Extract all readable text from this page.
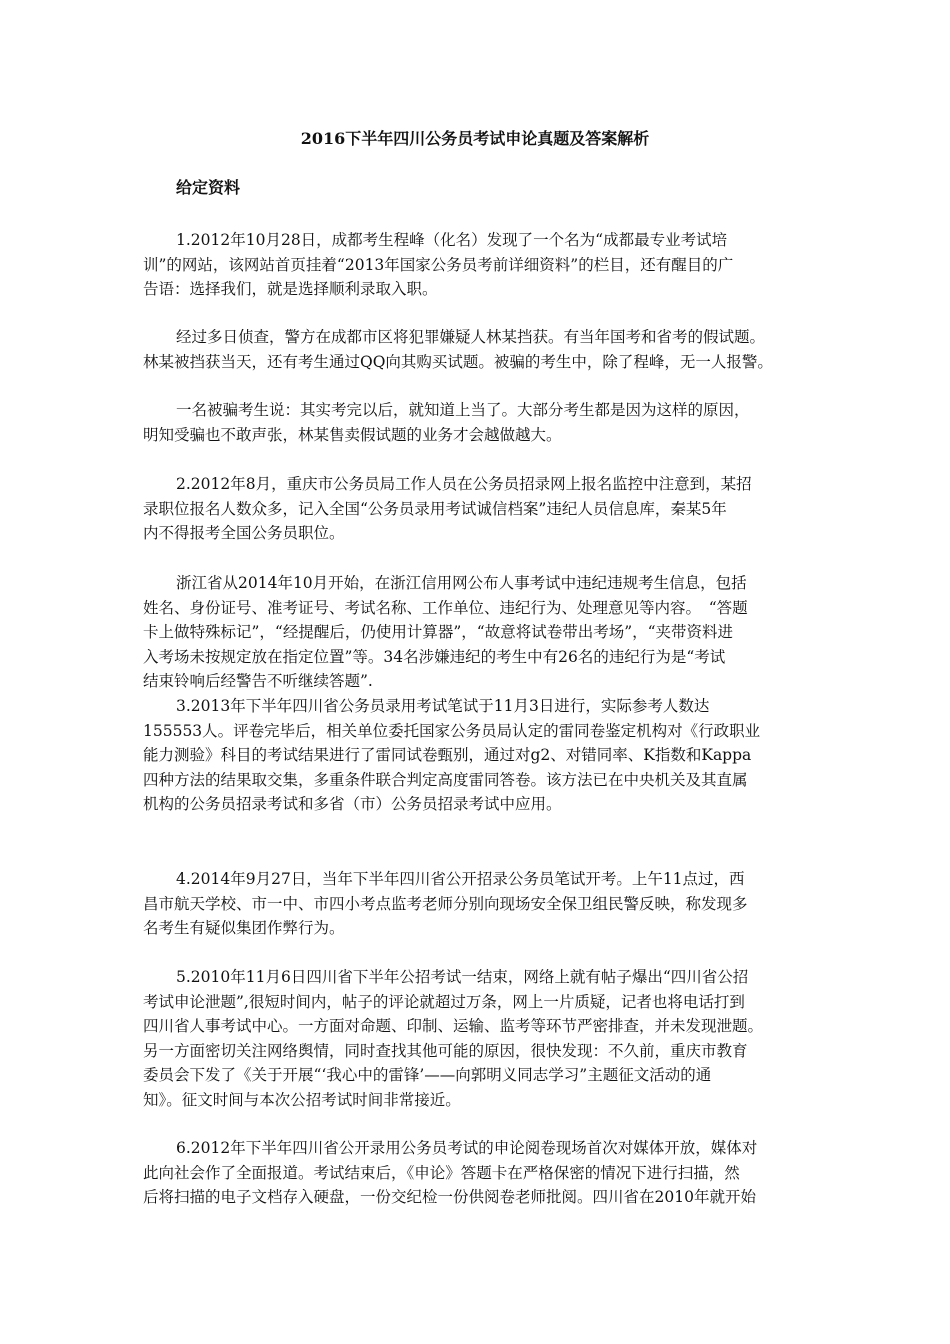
2016下半年四川公务员考试申论真题及答案解析
给定资料
1.2012年10月28日，成都考生程峰（化名）发现了一个名为“成都最专业考试培
训”的网站，该网站首页挂着“2013年国家公务员考前详细资料”的栏目，还有醒目的广
告语：选择我们，就是选择顺利录取入职。
经过多日侦查，警方在成都市区将犯罪嫌疑人林某挡获。有当年国考和省考的假试题。
林某被挡获当天，还有考生通过QQ向其购买试题。被骗的考生中，除了程峰，无一人报警。
一名被骗考生说：其实考完以后，就知道上当了。大部分考生都是因为这样的原因，
明知受骗也不敢声张，林某售卖假试题的业务才会越做越大。
2.2012年8月，重庆市公务员局工作人员在公务员招录网上报名监控中注意到，某招
录职位报名人数众多，记入全国“公务员录用考试诚信档案”违纪人员信息库，秦某5年
内不得报考全国公务员职位。
浙江省从2014年10月开始，在浙江信用网公布人事考试中违纪违规考生信息，包括
姓名、身份证号、准考证号、考试名称、工作单位、违纪行为、处理意见等内容。　“答题
卡上做特殊标记”，“经提醒后，仍使用计算器”，“故意将试卷带出考场”，“夹带资料进
入考场未按规定放在指定位置”等。34名涉嫌违纪的考生中有26名的违纪行为是“考试
结束铃响后经警告不听继续答题”.
3.2013年下半年四川省公务员录用考试笔试于11月3日进行，实际参考人数达
155553人。评卷完毕后，相关单位委托国家公务员局认定的雷同卷鉴定机构对《行政职业
能力测验》科目的考试结果进行了雷同试卷甄别，通过对g2、对错同率、K指数和Kappa
四种方法的结果取交集，多重条件联合判定高度雷同答卷。该方法已在中央机关及其直属
机构的公务员招录考试和多省（市）公务员招录考试中应用。
4.2014年9月27日，当年下半年四川省公开招录公务员笔试开考。上午11点过，西
昌市航天学校、市一中、市四小考点监考老师分别向现场安全保卫组民警反映，称发现多
名考生有疑似集团作弊行为。
5.2010年11月6日四川省下半年公招考试一结束，网络上就有帖子爆出“四川省公招
考试申论泄题”,很短时间内，帖子的评论就超过万条，网上一片质疑，记者也将电话打到
四川省人事考试中心。一方面对命题、印制、运输、监考等环节严密排查，并未发现泄题。
另一方面密切关注网络舆情，同时查找其他可能的原因，很快发现：不久前，重庆市教育
委员会下发了《关于开展“‘我心中的雷锋’——向郭明义同志学习”主题征文活动的通
知》。征文时间与本次公招考试时间非常接近。
6.2012年下半年四川省公开录用公务员考试的申论阅卷现场首次对媒体开放，媒体对
此向社会作了全面报道。考试结束后，《申论》答题卡在严格保密的情况下进行扫描，然
后将扫描的电子文档存入硬盘，一份交纪检一份供阅卷老师批阅。四川省在2010年就开始
